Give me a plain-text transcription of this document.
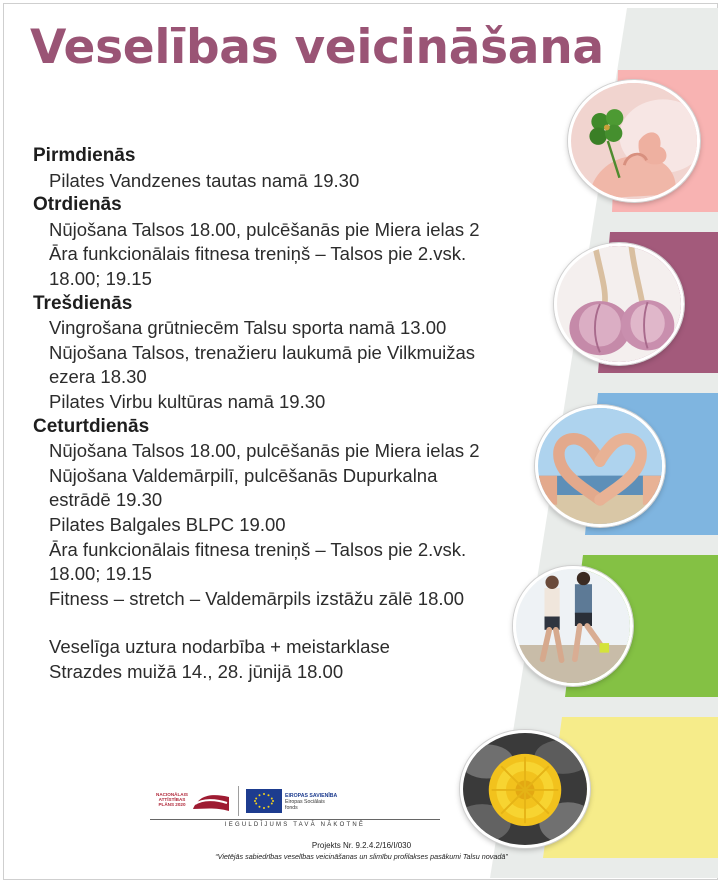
Veselības veicināšana
Pirmdienās
Pilates Vandzenes tautas namā 19.30
Otrdienās
Nūjošana Talsos 18.00, pulcēšanās pie Miera ielas 2
Āra funkcionālais fitnesa treniņš – Talsos pie 2.vsk.
18.00; 19.15
Trešdienās
Vingrošana grūtniecēm Talsu sporta namā 13.00
Nūjošana Talsos, trenažieru laukumā pie Vilkmuižas
ezera 18.30
Pilates Virbu kultūras namā 19.30
Ceturtdienās
Nūjošana Talsos 18.00, pulcēšanās pie Miera ielas 2
Nūjošana Valdemārpilī, pulcēšanās Dupurkalna
estrādē 19.30
Pilates Balgales BLPC 19.00
Āra funkcionālais fitnesa treniņš – Talsos pie 2.vsk.
18.00; 19.15
Fitness – stretch – Valdemārpils izstāžu zālē 18.00
Veselīga uztura nodarbība + meistarklase
Strazdes muižā 14., 28. jūnijā 18.00
NACIONĀLAIS
ATTĪSTĪBAS
PLĀNS 2020
EIROPAS SAVIENĪBA
Eiropas Sociālais
fonds
IEGULDĪJUMS TAVĀ NĀKOTNĒ
Projekts Nr. 9.2.4.2/16/I/030
“Vietējās sabiedrības veselības veicināšanas un slimību profilakses pasākumi Talsu novadā”
